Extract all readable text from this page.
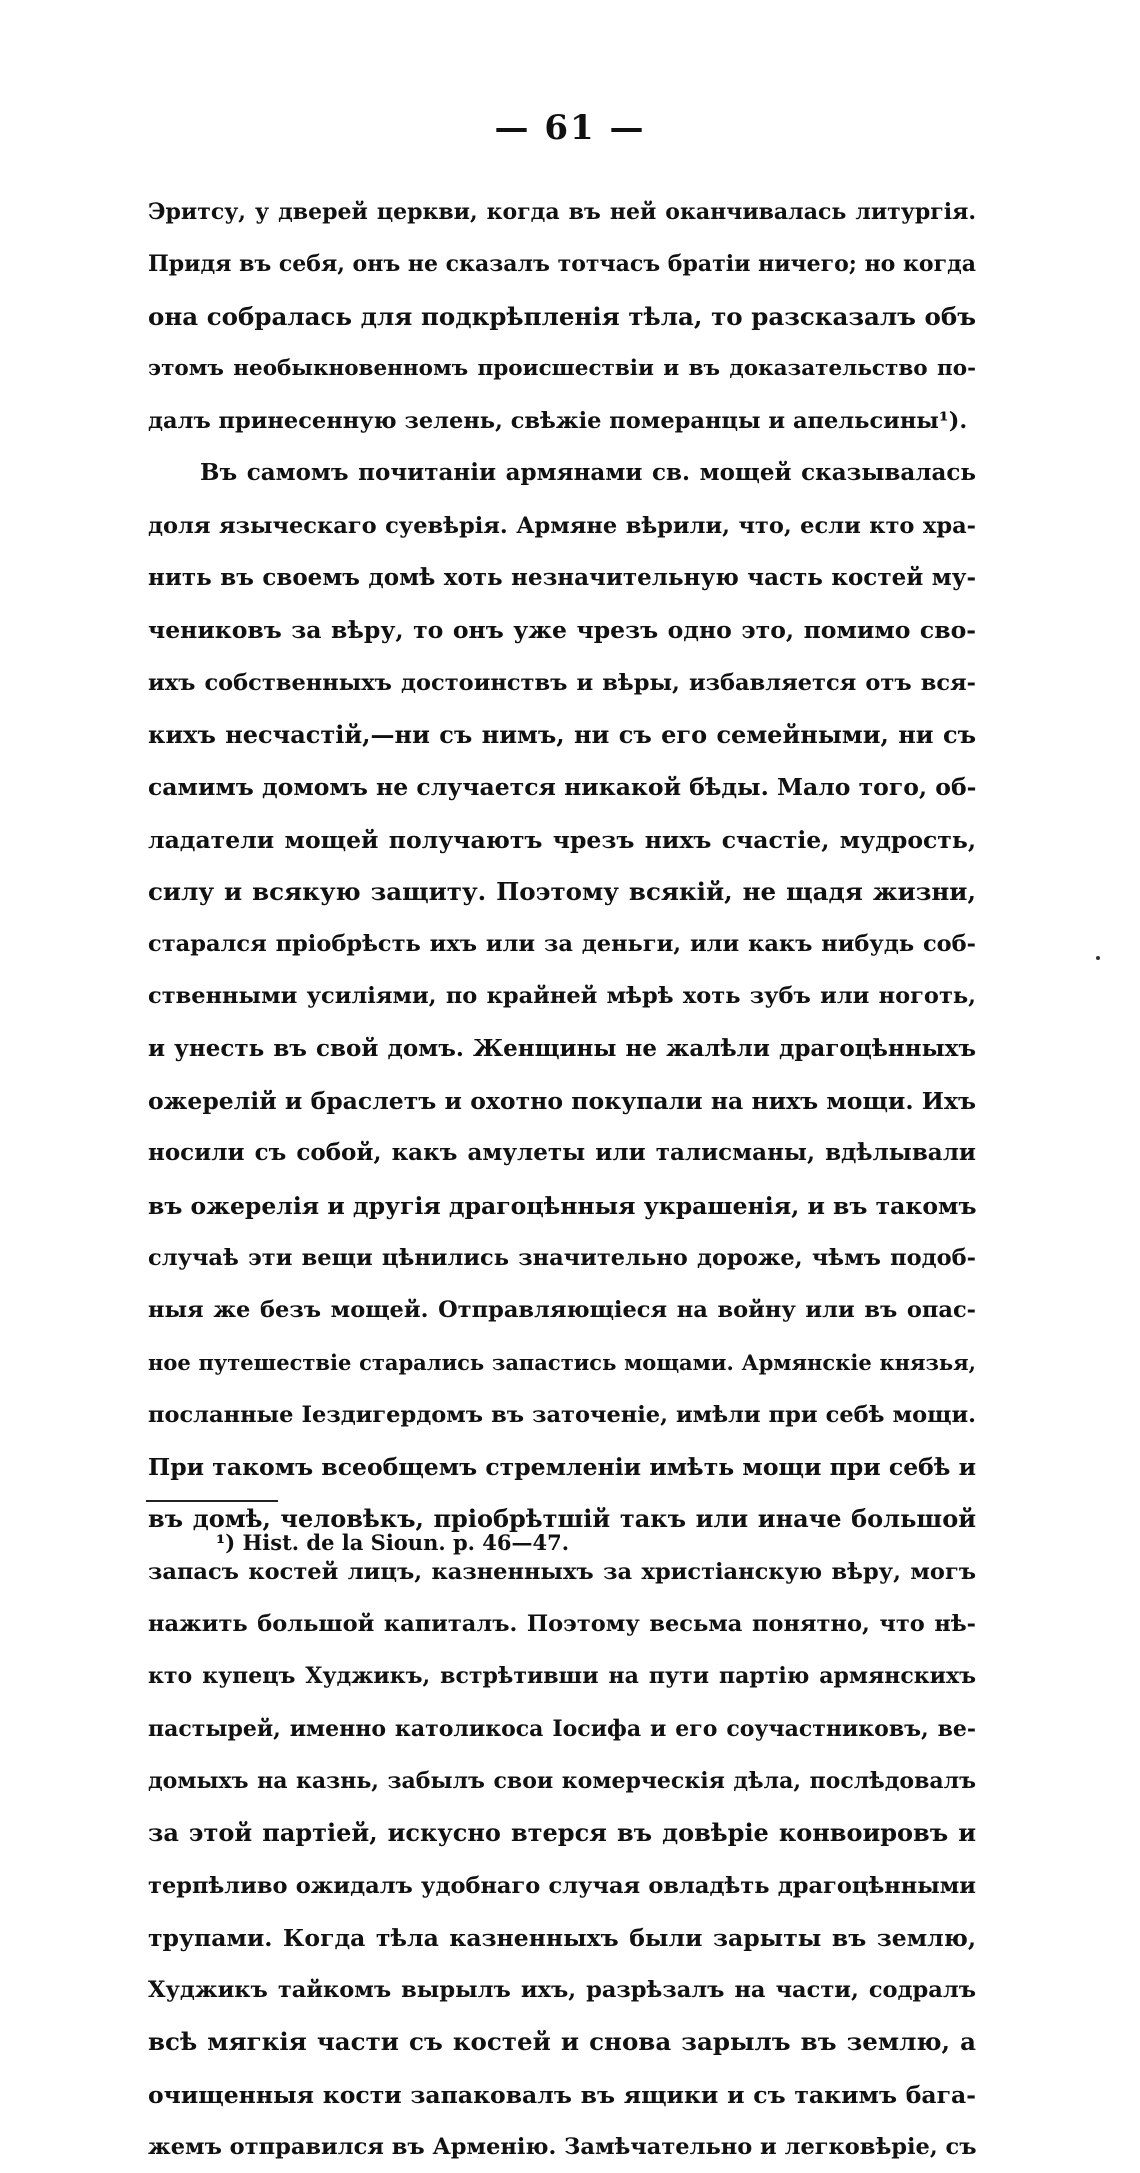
— 61 —
Эритсу, у дверей церкви, когда въ ней оканчивалась литургія.
Придя въ себя, онъ не сказалъ тотчасъ братіи ничего; но когда
она собралась для подкрѣпленія тѣла, то разсказалъ объ
этомъ необыкновенномъ происшествіи и въ доказательство по-
далъ принесенную зелень, свѣжіе померанцы и апельсины¹).
Въ самомъ почитаніи армянами св. мощей сказывалась
доля языческаго суевѣрія. Армяне вѣрили, что, если кто хра-
нить въ своемъ домѣ хоть незначительную часть костей му-
чениковъ за вѣру, то онъ уже чрезъ одно это, помимо сво-
ихъ собственныхъ достоинствъ и вѣры, избавляется отъ вся-
кихъ несчастій,—ни съ нимъ, ни съ его семейными, ни съ
самимъ домомъ не случается никакой бѣды. Мало того, об-
ладатели мощей получаютъ чрезъ нихъ счастіе, мудрость,
силу и всякую защиту. Поэтому всякій, не щадя жизни,
старался пріобрѣсть ихъ или за деньги, или какъ нибудь соб-
ственными усиліями, по крайней мѣрѣ хоть зубъ или ноготь,
и унесть въ свой домъ. Женщины не жалѣли драгоцѣнныхъ
ожерелій и браслетъ и охотно покупали на нихъ мощи. Ихъ
носили съ собой, какъ амулеты или талисманы, вдѣлывали
въ ожерелія и другія драгоцѣнныя украшенія, и въ такомъ
случаѣ эти вещи цѣнились значительно дороже, чѣмъ подоб-
ныя же безъ мощей. Отправляющіеся на войну или въ опас-
ное путешествіе старались запастись мощами. Армянскіе князья,
посланные Іездигердомъ въ заточеніе, имѣли при себѣ мощи.
При такомъ всеобщемъ стремленіи имѣть мощи при себѣ и
въ домѣ, человѣкъ, пріобрѣтшій такъ или иначе большой
запасъ костей лицъ, казненныхъ за христіанскую вѣру, могъ
нажить большой капиталъ. Поэтому весьма понятно, что нѣ-
кто купецъ Худжикъ, встрѣтивши на пути партію армянскихъ
пастырей, именно католикоса Іосифа и его соучастниковъ, ве-
домыхъ на казнь, забылъ свои комерческія дѣла, послѣдовалъ
за этой партіей, искусно втерся въ довѣріе конвоировъ и
терпѣливо ожидалъ удобнаго случая овладѣть драгоцѣнными
трупами. Когда тѣла казненныхъ были зарыты въ землю,
Худжикъ тайкомъ вырылъ ихъ, разрѣзалъ на части, содралъ
всѣ мягкія части съ костей и снова зарылъ въ землю, а
очищенныя кости запаковалъ въ ящики и съ такимъ бага-
жемъ отправился въ Арменію. Замѣчательно и легковѣріе, съ
¹) Hist. de la Sioun. p. 46—47.
